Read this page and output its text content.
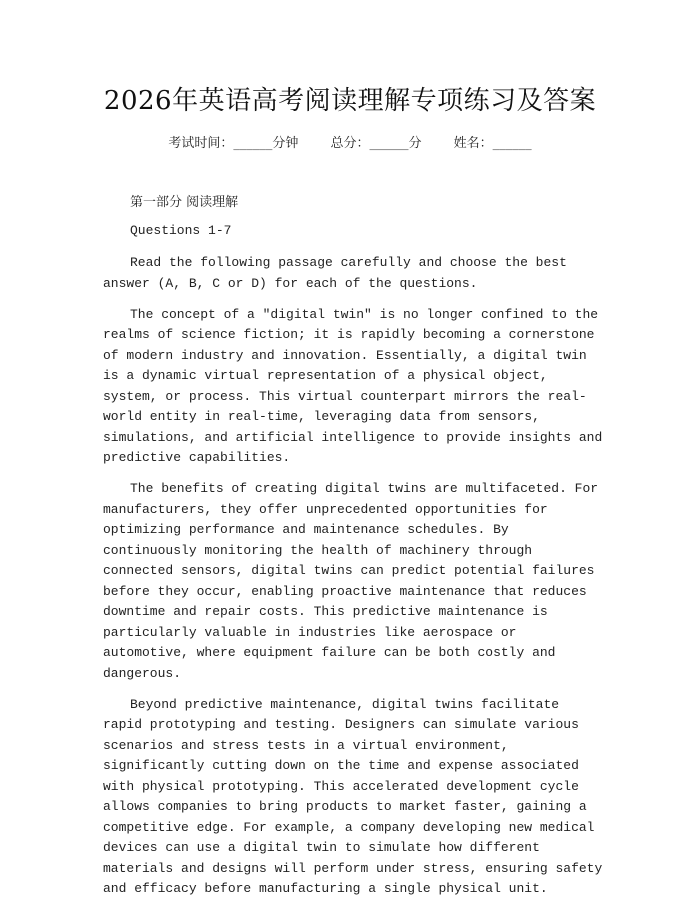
2026年英语高考阅读理解专项练习及答案
考试时间：______分钟 总分：______分 姓名：______
第一部分 阅读理解
Questions 1-7

Read the following passage carefully and choose the best answer (A, B, C or D) for each of the questions.

The concept of a "digital twin" is no longer confined to the realms of science fiction; it is rapidly becoming a cornerstone of modern industry and innovation. Essentially, a digital twin is a dynamic virtual representation of a physical object, system, or process. This virtual counterpart mirrors the real-world entity in real-time, leveraging data from sensors, simulations, and artificial intelligence to provide insights and predictive capabilities.

The benefits of creating digital twins are multifaceted. For manufacturers, they offer unprecedented opportunities for optimizing performance and maintenance schedules. By continuously monitoring the health of machinery through connected sensors, digital twins can predict potential failures before they occur, enabling proactive maintenance that reduces downtime and repair costs. This predictive maintenance is particularly valuable in industries like aerospace or automotive, where equipment failure can be both costly and dangerous.

Beyond predictive maintenance, digital twins facilitate rapid prototyping and testing. Designers can simulate various scenarios and stress tests in a virtual environment, significantly cutting down on the time and expense associated with physical prototyping. This accelerated development cycle allows companies to bring products to market faster, gaining a competitive edge. For example, a company developing new medical devices can use a digital twin to simulate how different materials and designs will perform under stress, ensuring safety and efficacy before manufacturing a single physical unit.
